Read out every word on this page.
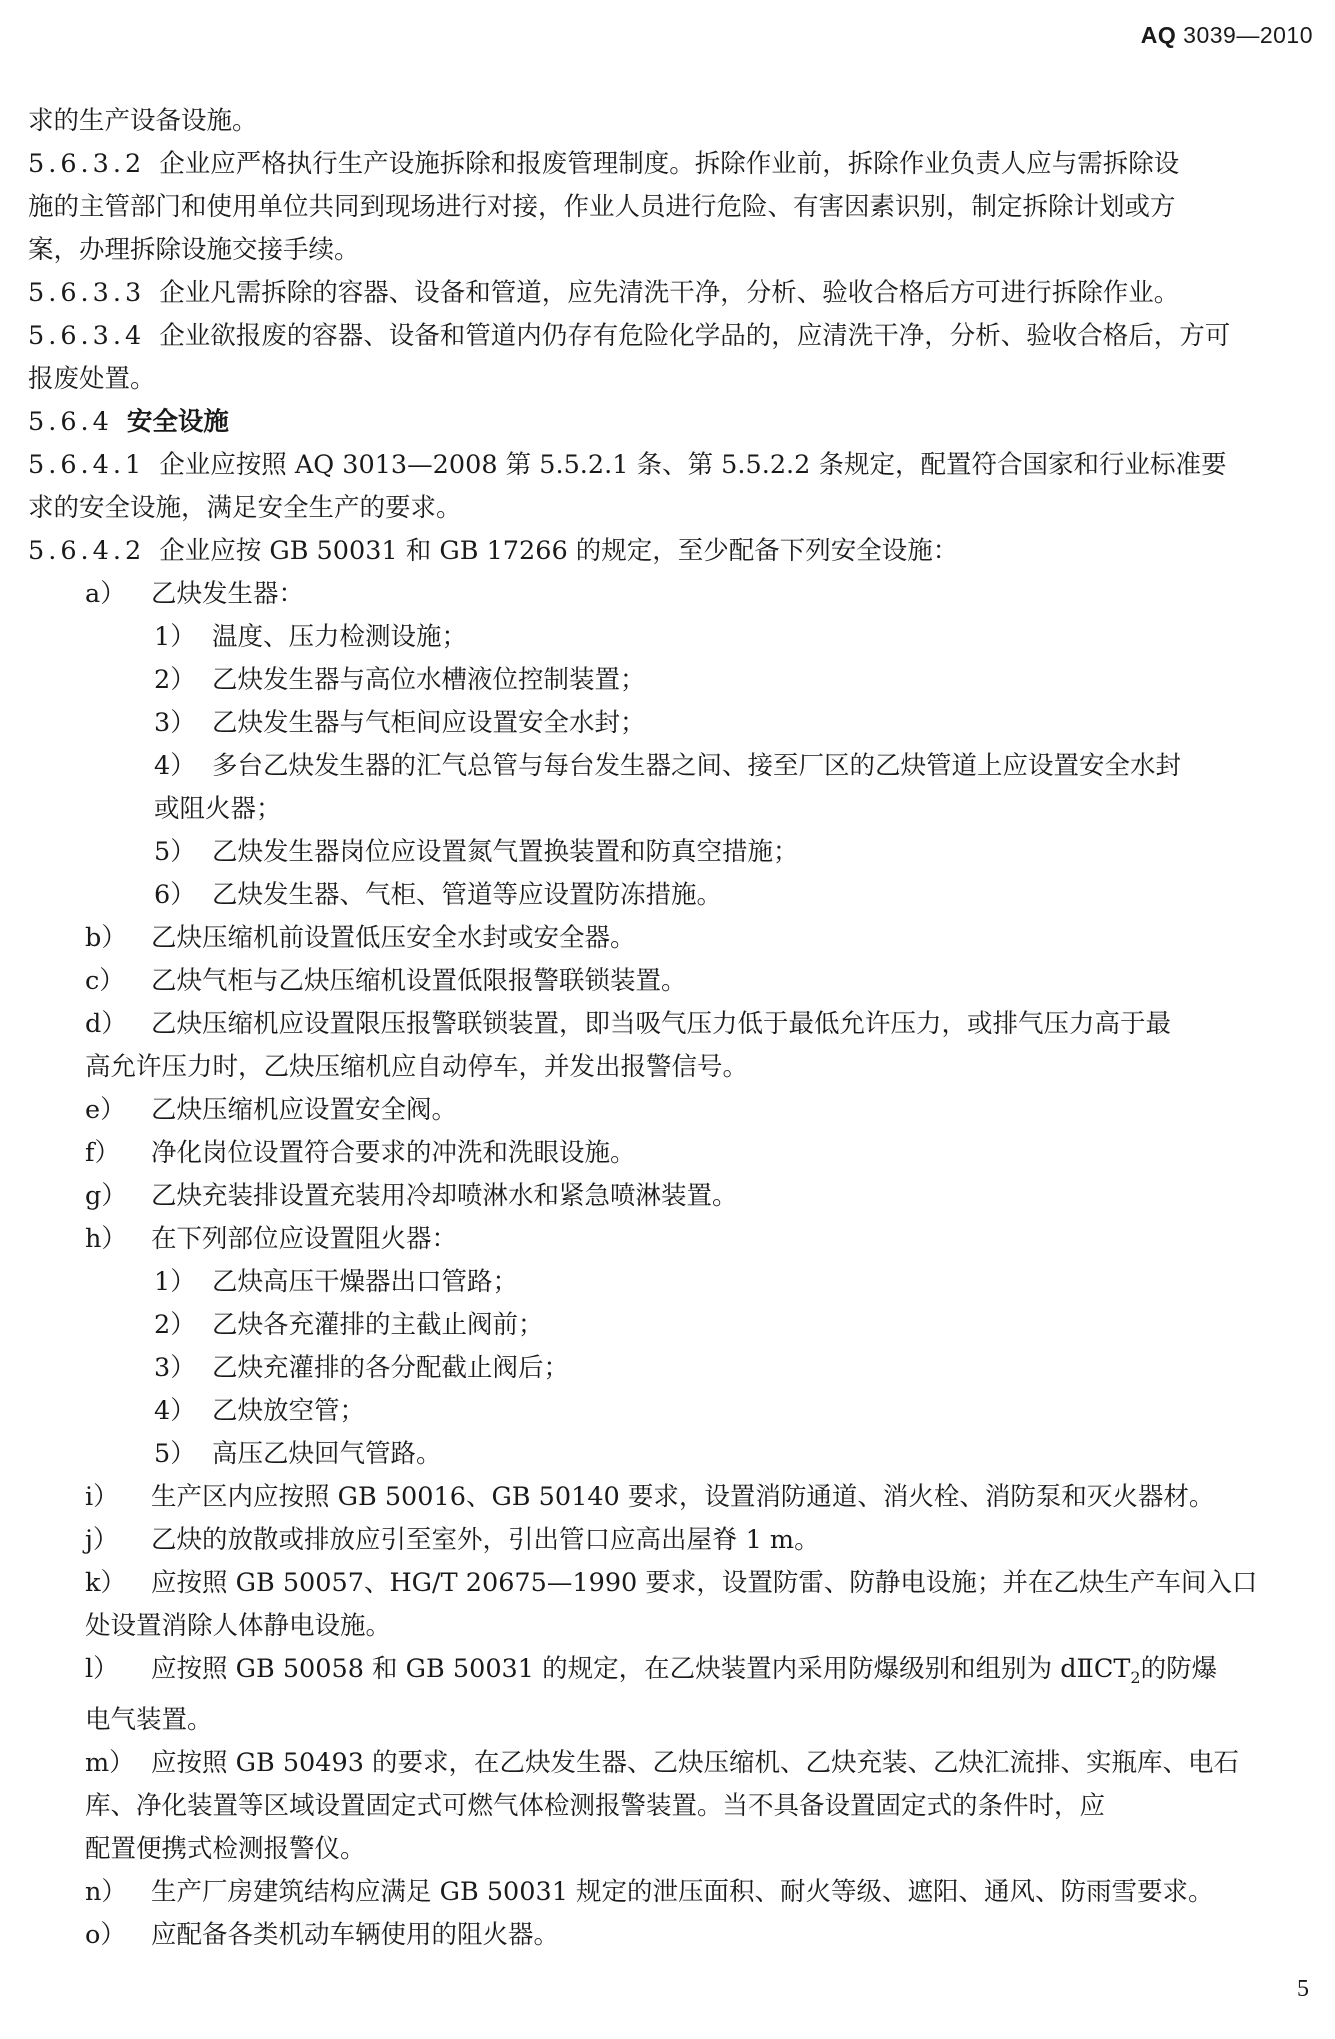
AQ 3039—2010
求的生产设备设施。
5.6.3.2 企业应严格执行生产设施拆除和报废管理制度。拆除作业前，拆除作业负责人应与需拆除设
施的主管部门和使用单位共同到现场进行对接，作业人员进行危险、有害因素识别，制定拆除计划或方
案，办理拆除设施交接手续。
5.6.3.3 企业凡需拆除的容器、设备和管道，应先清洗干净，分析、验收合格后方可进行拆除作业。
5.6.3.4 企业欲报废的容器、设备和管道内仍存有危险化学品的，应清洗干净，分析、验收合格后，方可
报废处置。
5.6.4 安全设施
5.6.4.1 企业应按照 AQ 3013—2008 第 5.5.2.1 条、第 5.5.2.2 条规定，配置符合国家和行业标准要
求的安全设施，满足安全生产的要求。
5.6.4.2 企业应按 GB 50031 和 GB 17266 的规定，至少配备下列安全设施：
a） 乙炔发生器：
1） 温度、压力检测设施；
2） 乙炔发生器与高位水槽液位控制装置；
3） 乙炔发生器与气柜间应设置安全水封；
4） 多台乙炔发生器的汇气总管与每台发生器之间、接至厂区的乙炔管道上应设置安全水封
或阻火器；
5） 乙炔发生器岗位应设置氮气置换装置和防真空措施；
6） 乙炔发生器、气柜、管道等应设置防冻措施。
b） 乙炔压缩机前设置低压安全水封或安全器。
c） 乙炔气柜与乙炔压缩机设置低限报警联锁装置。
d） 乙炔压缩机应设置限压报警联锁装置，即当吸气压力低于最低允许压力，或排气压力高于最
高允许压力时，乙炔压缩机应自动停车，并发出报警信号。
e） 乙炔压缩机应设置安全阀。
f） 净化岗位设置符合要求的冲洗和洗眼设施。
g） 乙炔充装排设置充装用冷却喷淋水和紧急喷淋装置。
h） 在下列部位应设置阻火器：
1） 乙炔高压干燥器出口管路；
2） 乙炔各充灌排的主截止阀前；
3） 乙炔充灌排的各分配截止阀后；
4） 乙炔放空管；
5） 高压乙炔回气管路。
i） 生产区内应按照 GB 50016、GB 50140 要求，设置消防通道、消火栓、消防泵和灭火器材。
j） 乙炔的放散或排放应引至室外，引出管口应高出屋脊 1 m。
k） 应按照 GB 50057、HG/T 20675—1990 要求，设置防雷、防静电设施；并在乙炔生产车间入口
处设置消除人体静电设施。
l） 应按照 GB 50058 和 GB 50031 的规定，在乙炔装置内采用防爆级别和组别为 $dⅡCT_2$的防爆
电气装置。
m） 应按照 GB 50493 的要求，在乙炔发生器、乙炔压缩机、乙炔充装、乙炔汇流排、实瓶库、电石
库、净化装置等区域设置固定式可燃气体检测报警装置。当不具备设置固定式的条件时，应
配置便携式检测报警仪。
n） 生产厂房建筑结构应满足 GB 50031 规定的泄压面积、耐火等级、遮阳、通风、防雨雪要求。
o） 应配备各类机动车辆使用的阻火器。
5
